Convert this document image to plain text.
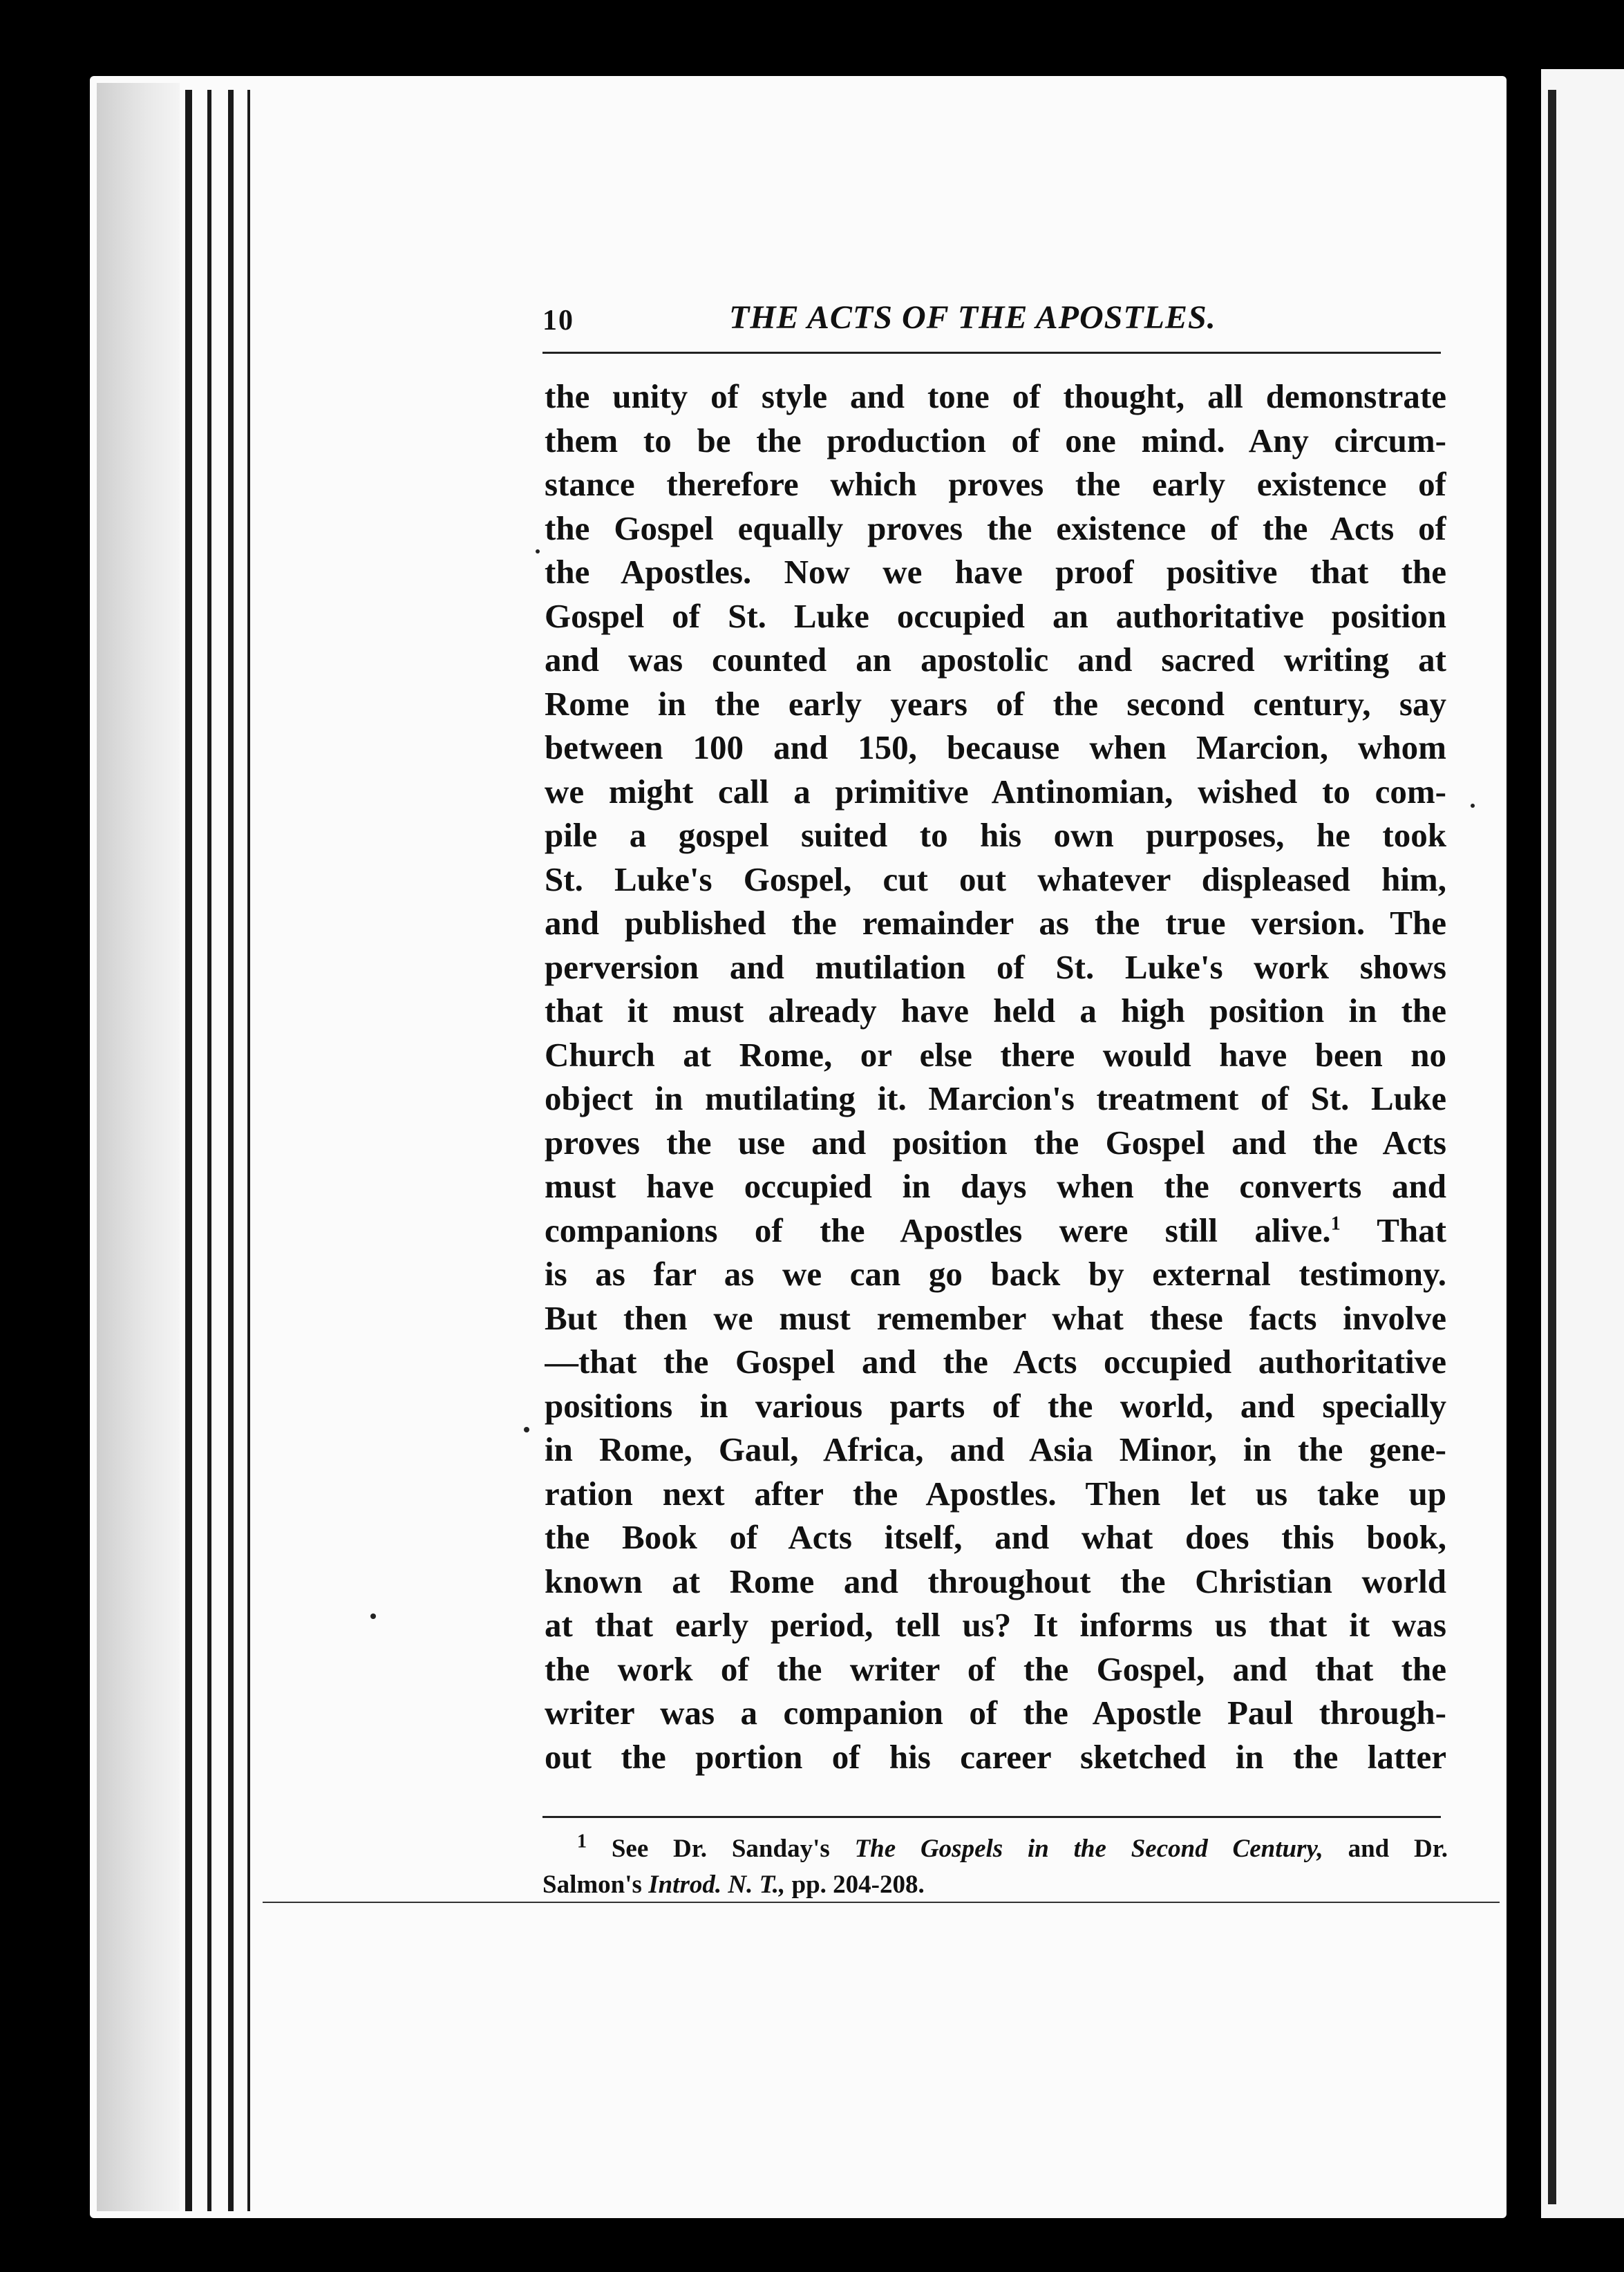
10	THE ACTS OF THE APOSTLES.
the unity of style and tone of thought, all demonstrate
them to be the production of one mind. Any circum-
stance therefore which proves the early existence of
the Gospel equally proves the existence of the Acts of
the Apostles. Now we have proof positive that the
Gospel of St. Luke occupied an authoritative position
and was counted an apostolic and sacred writing at
Rome in the early years of the second century, say
between 100 and 150, because when Marcion, whom
we might call a primitive Antinomian, wished to com-
pile a gospel suited to his own purposes, he took
St. Luke's Gospel, cut out whatever displeased him,
and published the remainder as the true version. The
perversion and mutilation of St. Luke's work shows
that it must already have held a high position in the
Church at Rome, or else there would have been no
object in mutilating it. Marcion's treatment of St. Luke
proves the use and position the Gospel and the Acts
must have occupied in days when the converts and
companions of the Apostles were still alive.$^1$ That
is as far as we can go back by external testimony.
But then we must remember what these facts involve
—that the Gospel and the Acts occupied authoritative
positions in various parts of the world, and specially
in Rome, Gaul, Africa, and Asia Minor, in the gene-
ration next after the Apostles. Then let us take up
the Book of Acts itself, and what does this book,
known at Rome and throughout the Christian world
at that early period, tell us? It informs us that it was
the work of the writer of the Gospel, and that the
writer was a companion of the Apostle Paul through-
out the portion of his career sketched in the latter
$^1$ See Dr. Sanday's The Gospels in the Second Century, and Dr.
Salmon's Introd. N. T., pp. 204-208.
